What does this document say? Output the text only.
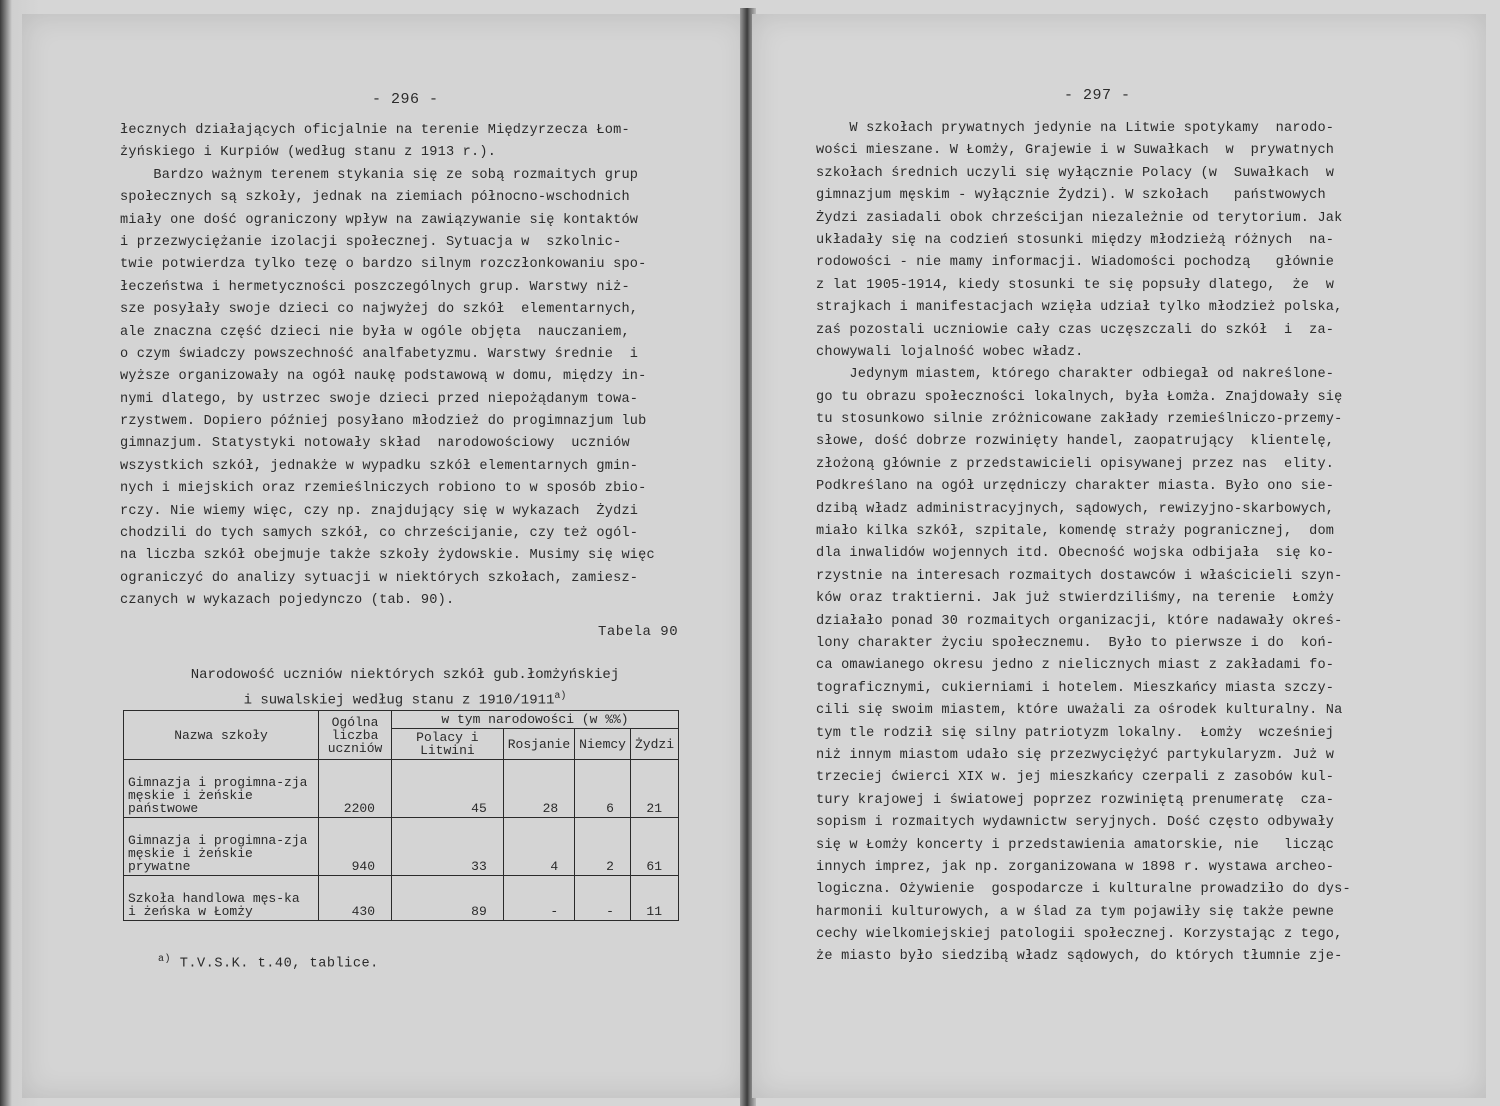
- 296 -
łecznych działających oficjalnie na terenie Międzyrzecza Łom-
żyńskiego i Kurpiów (według stanu z 1913 r.).
Bardzo ważnym terenem stykania się ze sobą rozmaitych grup
społecznych są szkoły, jednak na ziemiach północno-wschodnich
miały one dość ograniczony wpływ na zawiązywanie się kontaktów
i przezwyciężanie izolacji społecznej. Sytuacja w  szkolnic-
twie potwierdza tylko tezę o bardzo silnym rozczłonkowaniu spo-
łeczeństwa i hermetyczności poszczególnych grup. Warstwy niż-
sze posyłały swoje dzieci co najwyżej do szkół  elementarnych,
ale znaczna część dzieci nie była w ogóle objęta  nauczaniem,
o czym świadczy powszechność analfabetyzmu. Warstwy średnie  i
wyższe organizowały na ogół naukę podstawową w domu, między in-
nymi dlatego, by ustrzec swoje dzieci przed niepożądanym towa-
rzystwem. Dopiero później posyłano młodzież do progimnazjum lub
gimnazjum. Statystyki notowały skład  narodowościowy  uczniów
wszystkich szkół, jednakże w wypadku szkół elementarnych gmin-
nych i miejskich oraz rzemieślniczych robiono to w sposób zbio-
rczy. Nie wiemy więc, czy np. znajdujący się w wykazach  Żydzi
chodzili do tych samych szkół, co chrześcijanie, czy też ogól-
na liczba szkół obejmuje także szkoły żydowskie. Musimy się więc
ograniczyć do analizy sytuacji w niektórych szkołach, zamiesz-
czanych w wykazach pojedynczo (tab. 90).
Tabela 90
Narodowość uczniów niektórych szkół gub.łomżyńskiej
i suwalskiej według stanu z 1910/1911$^{a)}$
Nazwa szkoły	Ogólna liczba uczniów	w tym narodowości (w %%)			
		Polacy i Litwini	Rosjanie	Niemcy	Żydzi
Gimnazja i progimna-zja męskie i żeńskie państwowe	2200	45	28	6	21
Gimnazja i progimna-zja męskie i żeńskie prywatne	940	33	4	2	61
Szkoła handlowa męs-ka i żeńska w Łomży	430	89	-	-	11
$^{a)}$ T.V.S.K. t.40, tablice.
- 297 -
W szkołach prywatnych jedynie na Litwie spotykamy  narodo-
wości mieszane. W Łomży, Grajewie i w Suwałkach  w  prywatnych
szkołach średnich uczyli się wyłącznie Polacy (w  Suwałkach  w
gimnazjum męskim - wyłącznie Żydzi). W szkołach   państwowych
Żydzi zasiadali obok chrześcijan niezależnie od terytorium. Jak
układały się na codzień stosunki między młodzieżą różnych  na-
rodowości - nie mamy informacji. Wiadomości pochodzą   głównie
z lat 1905-1914, kiedy stosunki te się popsuły dlatego,  że  w
strajkach i manifestacjach wzięła udział tylko młodzież polska,
zaś pozostali uczniowie cały czas uczęszczali do szkół  i  za-
chowywali lojalność wobec władz.
Jedynym miastem, którego charakter odbiegał od nakreślone-
go tu obrazu społeczności lokalnych, była Łomża. Znajdowały się
tu stosunkowo silnie zróżnicowane zakłady rzemieślniczo-przemy-
słowe, dość dobrze rozwinięty handel, zaopatrujący  klientelę,
złożoną głównie z przedstawicieli opisywanej przez nas  elity.
Podkreślano na ogół urzędniczy charakter miasta. Było ono sie-
dzibą władz administracyjnych, sądowych, rewizyjno-skarbowych,
miało kilka szkół, szpitale, komendę straży pogranicznej,  dom
dla inwalidów wojennych itd. Obecność wojska odbijała  się ko-
rzystnie na interesach rozmaitych dostawców i właścicieli szyn-
ków oraz traktierni. Jak już stwierdziliśmy, na terenie  Łomży
działało ponad 30 rozmaitych organizacji, które nadawały okreś-
lony charakter życiu społecznemu.  Było to pierwsze i do  koń-
ca omawianego okresu jedno z nielicznych miast z zakładami fo-
tograficznymi, cukierniami i hotelem. Mieszkańcy miasta szczy-
cili się swoim miastem, które uważali za ośrodek kulturalny. Na
tym tle rodził się silny patriotyzm lokalny.  Łomży  wcześniej
niż innym miastom udało się przezwyciężyć partykularyzm. Już w
trzeciej ćwierci XIX w. jej mieszkańcy czerpali z zasobów kul-
tury krajowej i światowej poprzez rozwiniętą prenumeratę  cza-
sopism i rozmaitych wydawnictw seryjnych. Dość często odbywały
się w Łomży koncerty i przedstawienia amatorskie, nie   licząc
innych imprez, jak np. zorganizowana w 1898 r. wystawa archeo-
logiczna. Ożywienie  gospodarcze i kulturalne prowadziło do dys-
harmonii kulturowych, a w ślad za tym pojawiły się także pewne
cechy wielkomiejskiej patologii społecznej. Korzystając z tego,
że miasto było siedzibą władz sądowych, do których tłumnie zje-
